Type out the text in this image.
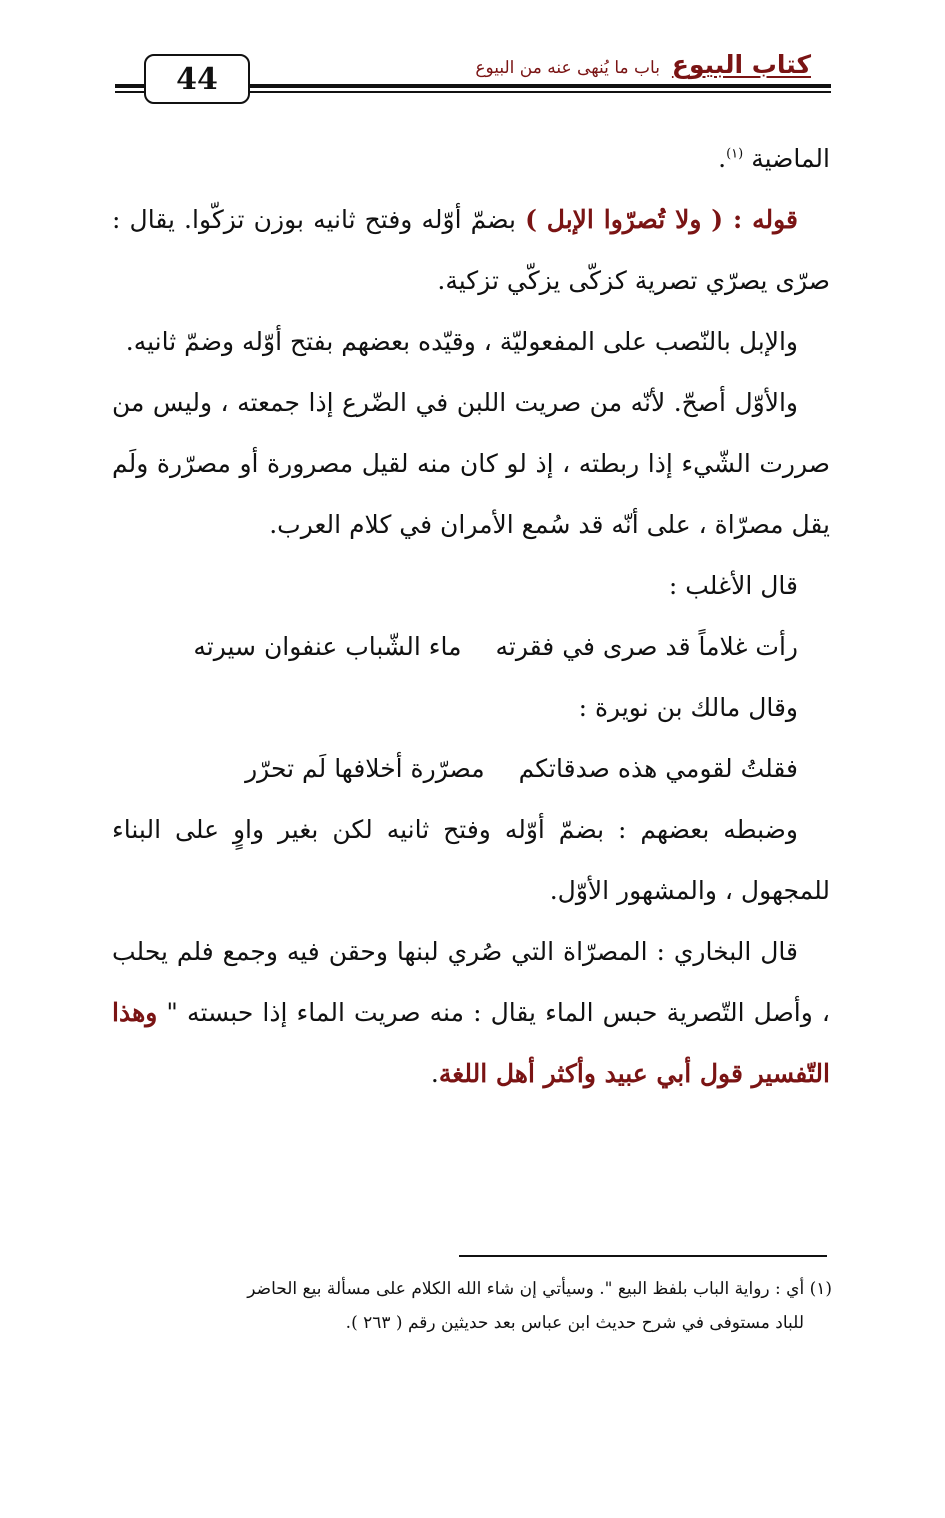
44	كتاب البيوع
باب ما يُنهى عنه من البيوع

الماضية $^{(١)}$.

قوله : ( ولا تُصرّوا الإبل ) بضمّ أوّله وفتح ثانيه بوزن تزكّوا. يقال : صرّى يصرّي تصرية كزكّى يزكّي تزكية.

والإبل بالنّصب على المفعوليّة ، وقيّده بعضهم بفتح أوّله وضمّ ثانيه.

والأوّل أصحّ. لأنّه من صريت اللبن في الضّرع إذا جمعته ، وليس من صررت الشّيء إذا ربطته ، إذ لو كان منه لقيل مصرورة أو مصرّرة ولَم يقل مصرّاة ، على أنّه قد سُمع الأمران في كلام العرب.

قال الأغلب :

رأت غلاماً قد صرى في فقرته
ماء الشّباب عنفوان سيرته

وقال مالك بن نويرة :

فقلتُ لقومي هذه صدقاتكم
مصرّرة أخلافها لَم تحرّر

وضبطه بعضهم : بضمّ أوّله وفتح ثانيه لكن بغير واوٍ على البناء للمجهول ، والمشهور الأوّل.

قال البخاري : المصرّاة التي صُري لبنها وحقن فيه وجمع فلم يحلب ، وأصل التّصرية حبس الماء يقال : منه صريت الماء إذا حبسته " وهذا التّفسير قول أبي عبيد وأكثر أهل اللغة.

(١) أي : رواية الباب بلفظ البيع ". وسيأتي إن شاء الله الكلام على مسألة بيع الحاضر

للباد مستوفى في شرح حديث ابن عباس بعد حديثين رقم ( ٢٦٣ ).
